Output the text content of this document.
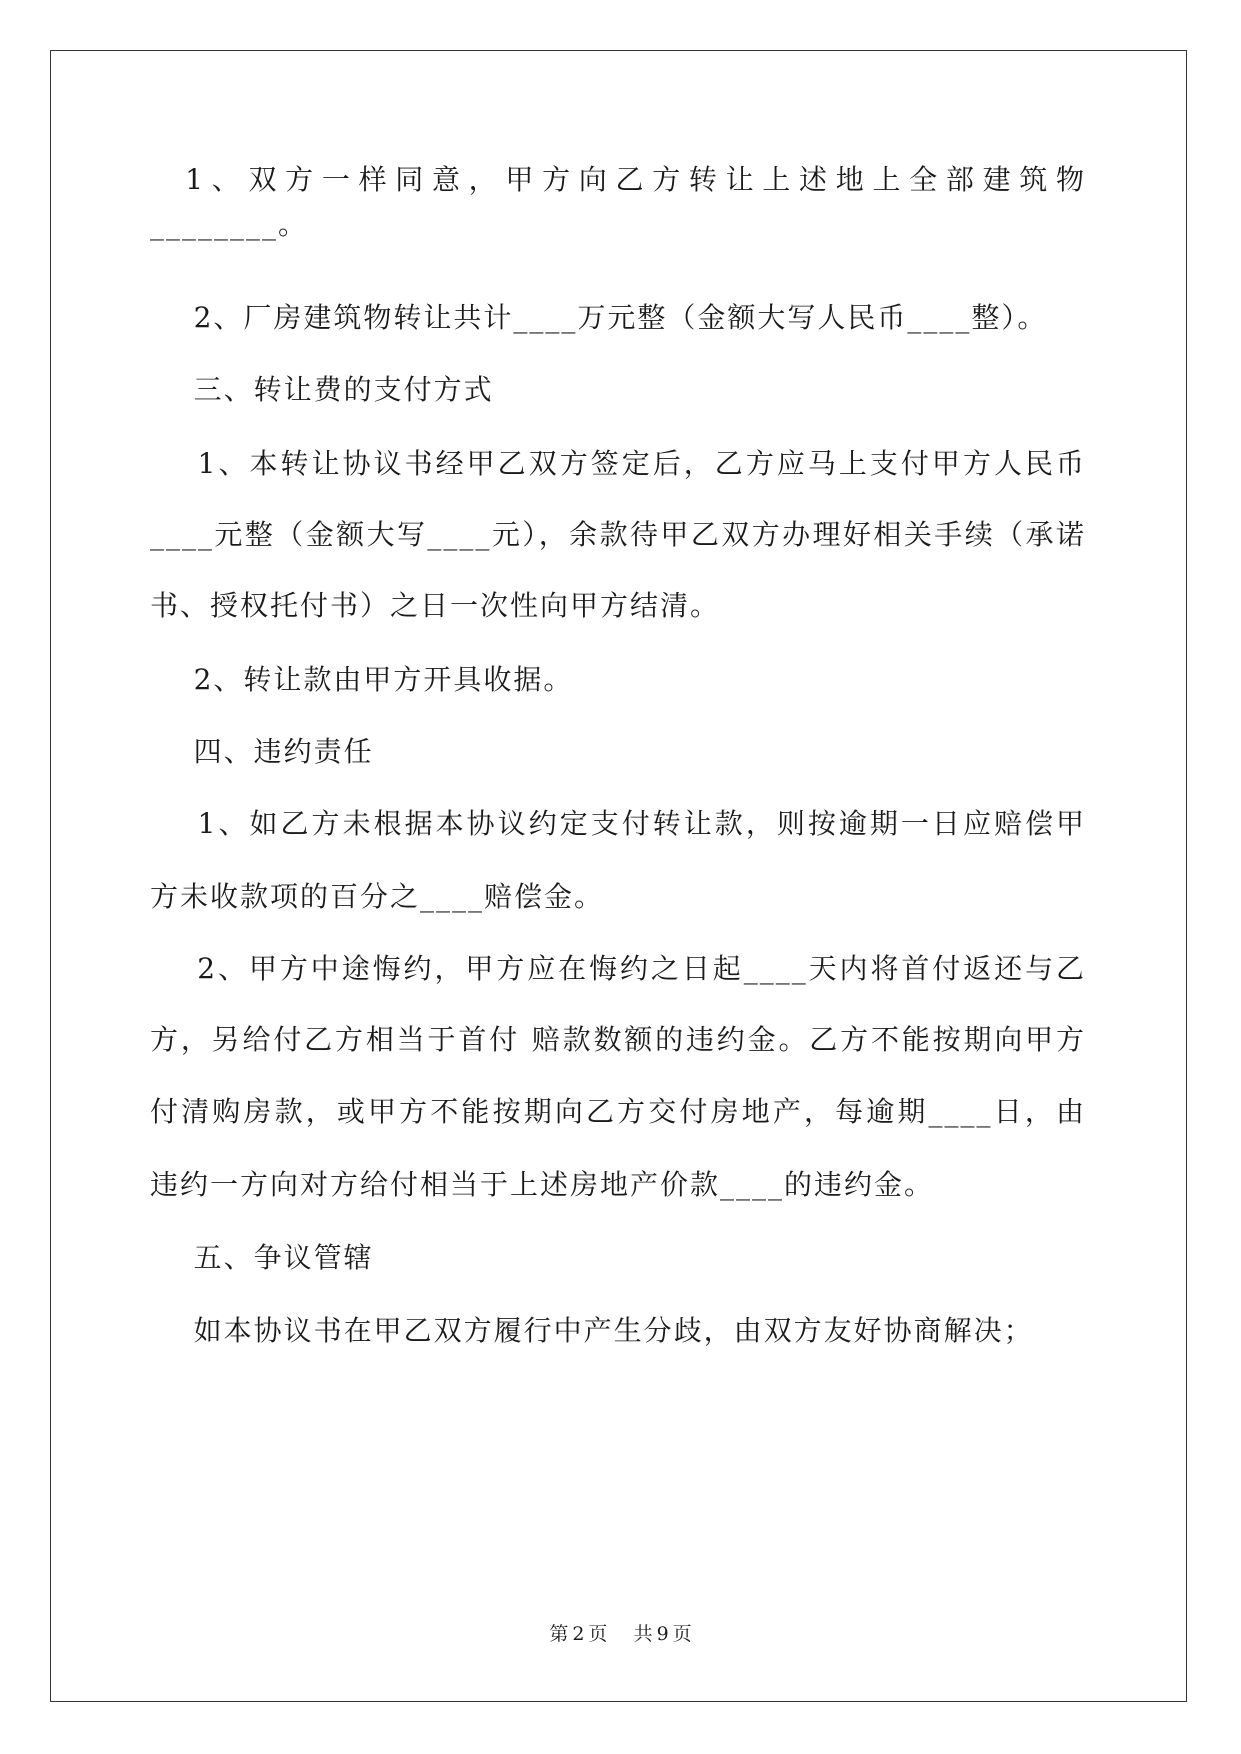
1、双方一样同意，甲方向乙方转让上述地上全部建筑物
________。
2、厂房建筑物转让共计____万元整（金额大写人民币____整）。
三、转让费的支付方式
1、本转让协议书经甲乙双方签定后，乙方应马上支付甲方人民币
____元整（金额大写____元），余款待甲乙双方办理好相关手续（承诺
书、授权托付书）之日一次性向甲方结清。
2、转让款由甲方开具收据。
四、违约责任
1、如乙方未根据本协议约定支付转让款，则按逾期一日应赔偿甲
方未收款项的百分之____赔偿金。
2、甲方中途悔约，甲方应在悔约之日起____天内将首付返还与乙
方，另给付乙方相当于首付 赔款数额的违约金。乙方不能按期向甲方
付清购房款，或甲方不能按期向乙方交付房地产，每逾期____日，由
违约一方向对方给付相当于上述房地产价款____的违约金。
五、争议管辖
如本协议书在甲乙双方履行中产生分歧，由双方友好协商解决；
第 2 页 共 9 页
